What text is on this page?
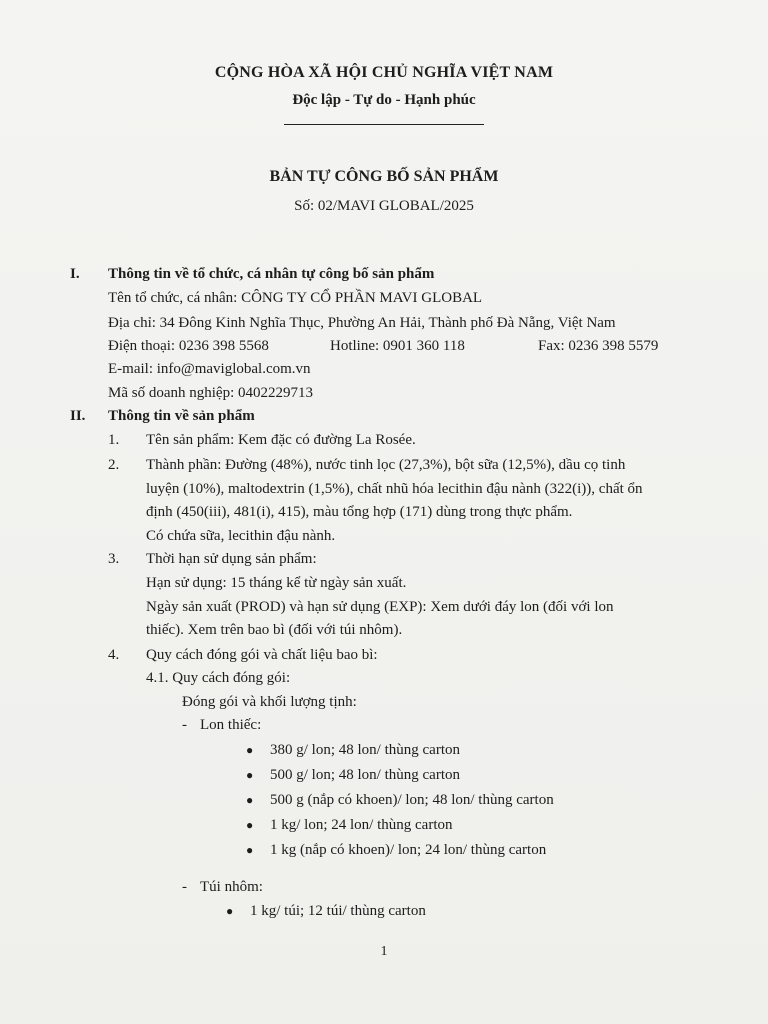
CỘNG HÒA XÃ HỘI CHỦ NGHĨA VIỆT NAM
Độc lập - Tự do - Hạnh phúc
BẢN TỰ CÔNG BỐ SẢN PHẨM
Số: 02/MAVI GLOBAL/2025
I. Thông tin về tổ chức, cá nhân tự công bố sản phẩm
Tên tổ chức, cá nhân: CÔNG TY CỔ PHẦN MAVI GLOBAL
Địa chỉ: 34 Đông Kinh Nghĩa Thục, Phường An Hải, Thành phố Đà Nẵng, Việt Nam
Điện thoại: 0236 398 5568	Hotline: 0901 360 118	Fax: 0236 398 5579
E-mail: info@maviglobal.com.vn
Mã số doanh nghiệp: 0402229713
II. Thông tin về sản phẩm
1. Tên sản phẩm: Kem đặc có đường La Rosée.
2. Thành phần: Đường (48%), nước tinh lọc (27,3%), bột sữa (12,5%), dầu cọ tinh
luyện (10%), maltodextrin (1,5%), chất nhũ hóa lecithin đậu nành (322(i)), chất ổn
định (450(iii), 481(i), 415), màu tổng hợp (171) dùng trong thực phẩm.
Có chứa sữa, lecithin đậu nành.
3. Thời hạn sử dụng sản phẩm:
Hạn sử dụng: 15 tháng kể từ ngày sản xuất.
Ngày sản xuất (PROD) và hạn sử dụng (EXP): Xem dưới đáy lon (đối với lon
thiếc). Xem trên bao bì (đối với túi nhôm).
4. Quy cách đóng gói và chất liệu bao bì:
4.1. Quy cách đóng gói:
Đóng gói và khối lượng tịnh:
- Lon thiếc:
● 380 g/ lon; 48 lon/ thùng carton
● 500 g/ lon; 48 lon/ thùng carton
● 500 g (nắp có khoen)/ lon; 48 lon/ thùng carton
● 1 kg/ lon; 24 lon/ thùng carton
● 1 kg (nắp có khoen)/ lon; 24 lon/ thùng carton
- Túi nhôm:
● 1 kg/ túi; 12 túi/ thùng carton
1
